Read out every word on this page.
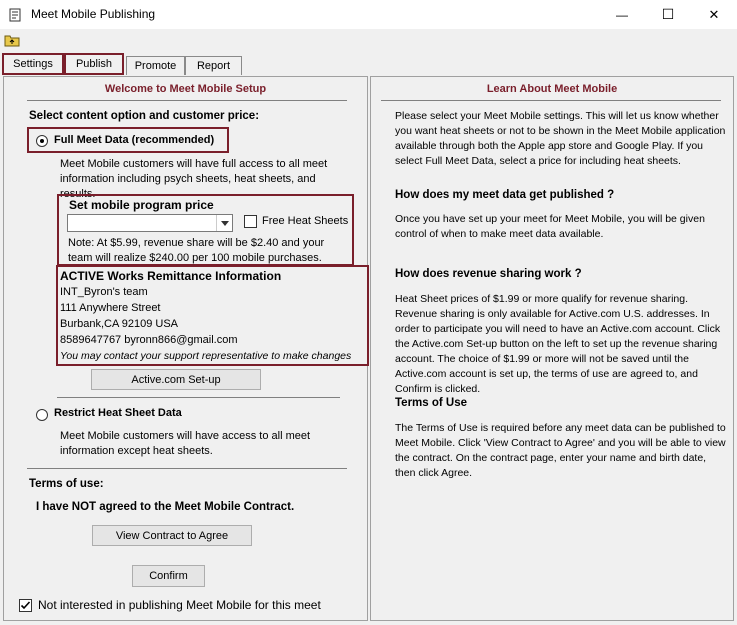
Meet Mobile Publishing	— ☐	✕
Settings	Publish	Promote	Report
Welcome to Meet Mobile Setup
Select content option and customer price:
Full Meet Data (recommended)
Meet Mobile customers will have full access to all meet information including psych sheets, heat sheets, and results.
Set mobile program price
Free Heat Sheets
Note: At $5.99, revenue share will be $2.40 and your team will realize $240.00 per 100 mobile purchases.
ACTIVE Works Remittance Information
INT_Byron's team
111 Anywhere Street
Burbank,CA 92109 USA
8589647767 byronn866@gmail.com
You may contact your support representative to make changes
Active.com Set-up
Restrict Heat Sheet Data
Meet Mobile customers will have access to all meet information except heat sheets.
Terms of use:
I have NOT agreed to the Meet Mobile Contract.
View Contract to Agree
Confirm
Not interested in publishing Meet Mobile for this meet
Learn About Meet Mobile
Please select your Meet Mobile settings. This will let us know whether you want heat sheets or not to be shown in the Meet Mobile application available through both the Apple app store and Google Play. If you select Full Meet Data, select a price for including heat sheets.
How does my meet data get published ?
Once you have set up your meet for Meet Mobile, you will be given control of when to make meet data available.
How does revenue sharing work ?
Heat Sheet prices of $1.99 or more qualify for revenue sharing. Revenue sharing is only available for Active.com U.S. addresses. In order to participate you will need to have an Active.com account. Click the Active.com Set-up button on the left to set up the revenue sharing account. The choice of $1.99 or more will not be saved until the Active.com account is set up, the terms of use are agreed to, and Confirm is clicked.
Terms of Use
The Terms of Use is required before any meet data can be published to Meet Mobile. Click 'View Contract to Agree' and you will be able to view the contract. On the contract page, enter your name and birth date, then click Agree.
